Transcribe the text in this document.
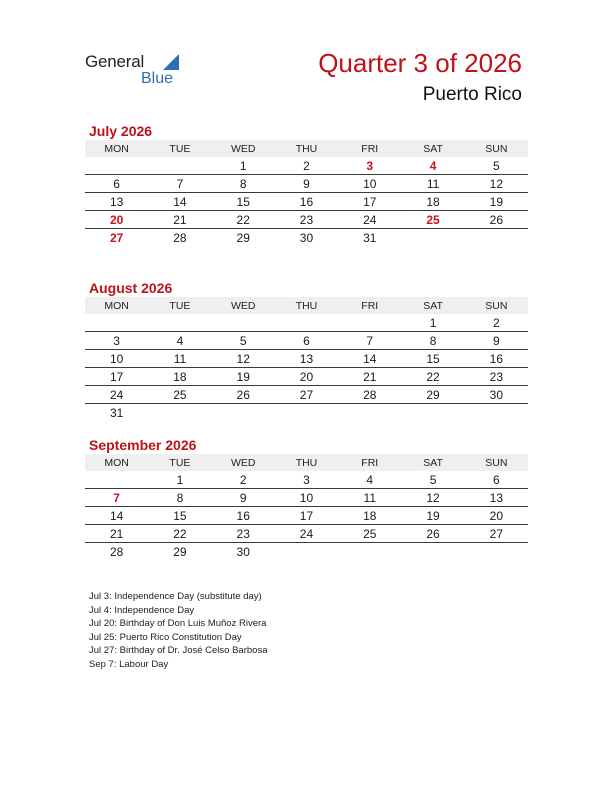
General
Blue
Quarter 3 of 2026
Puerto Rico
July 2026
MON	TUE	WED	THU	FRI	SAT	SUN
		1	2	3	4	5
6	7	8	9	10	11	12
13	14	15	16	17	18	19
20	21	22	23	24	25	26
27	28	29	30	31		
August 2026
MON	TUE	WED	THU	FRI	SAT	SUN
					1	2
3	4	5	6	7	8	9
10	11	12	13	14	15	16
17	18	19	20	21	22	23
24	25	26	27	28	29	30
31						
September 2026
MON	TUE	WED	THU	FRI	SAT	SUN
	1	2	3	4	5	6
7	8	9	10	11	12	13
14	15	16	17	18	19	20
21	22	23	24	25	26	27
28	29	30				
Jul 3: Independence Day (substitute day)
Jul 4: Independence Day
Jul 20: Birthday of Don Luis Muñoz Rivera
Jul 25: Puerto Rico Constitution Day
Jul 27: Birthday of Dr. José Celso Barbosa
Sep 7: Labour Day
